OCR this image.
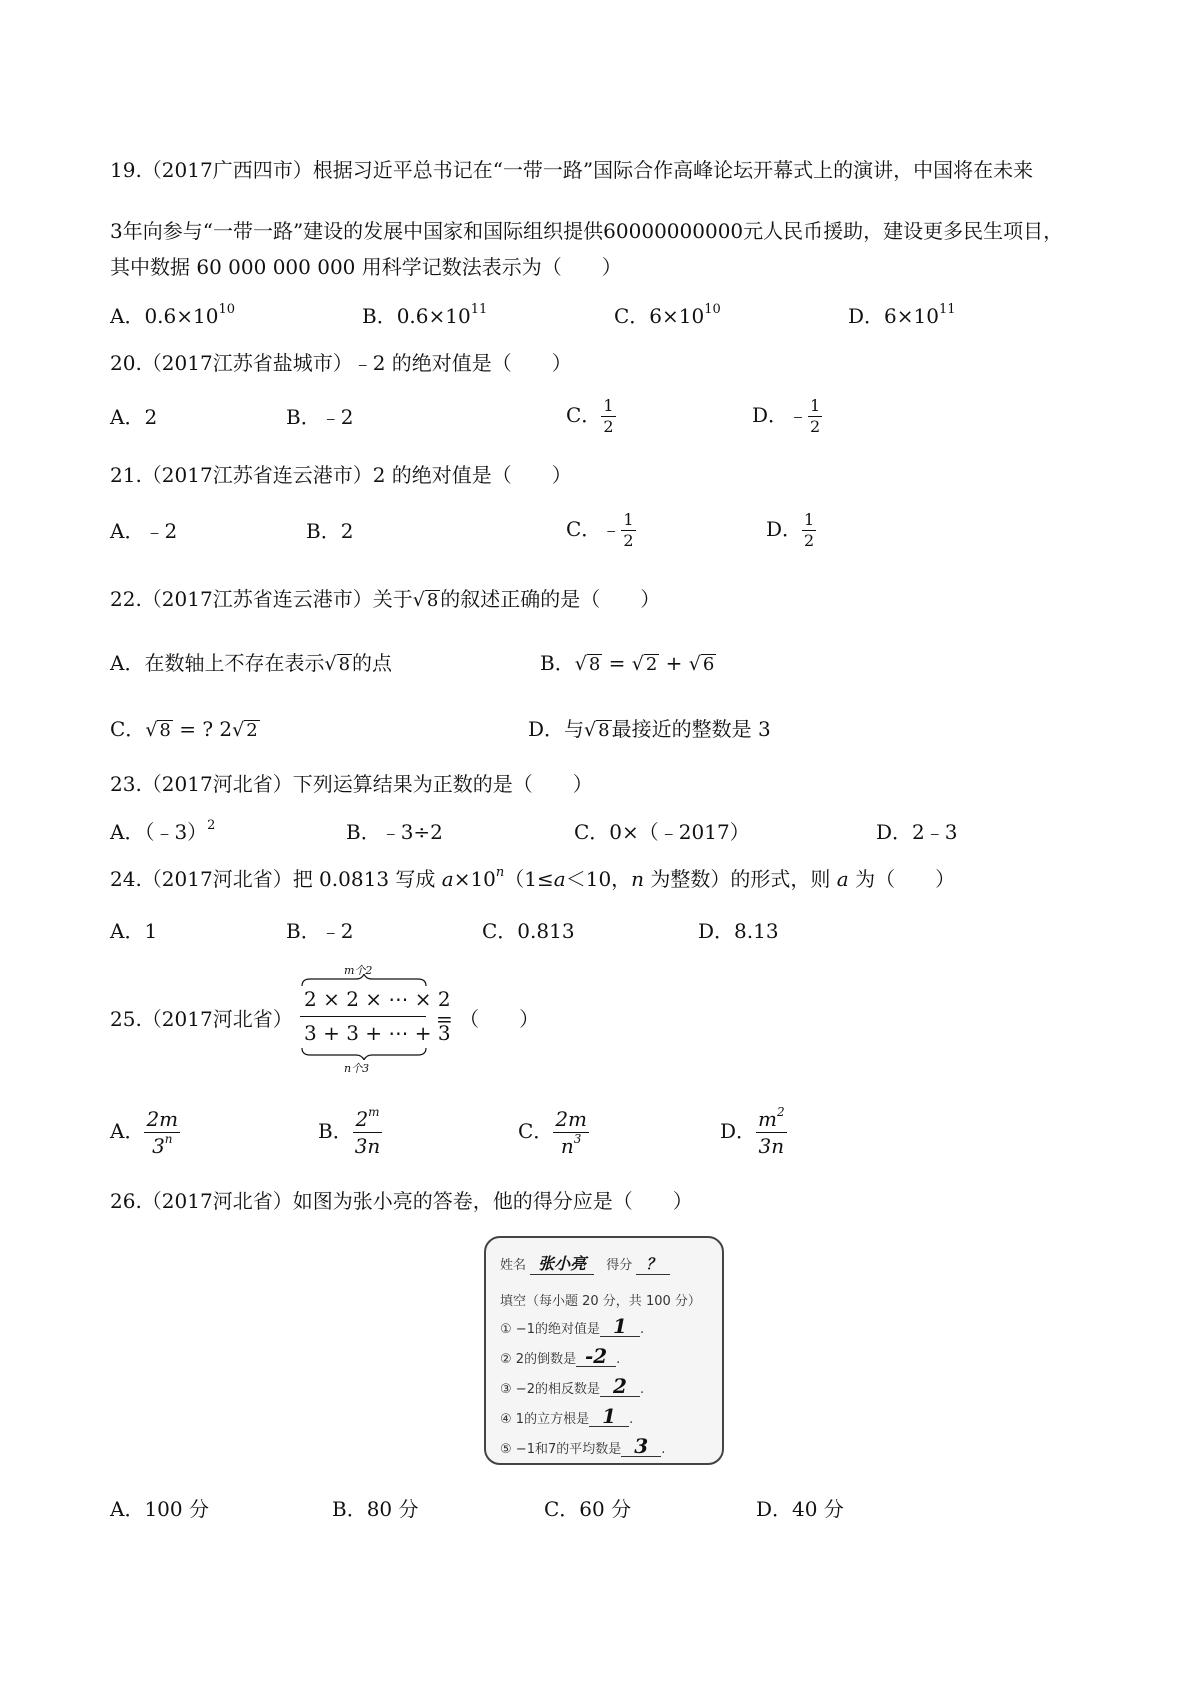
19.（2017广西四市）根据习近平总书记在“一带一路”国际合作高峰论坛开幕式上的演讲，中国将在未来
3年向参与“一带一路”建设的发展中国家和国际组织提供60000000000元人民币援助，建设更多民生项目，
其中数据 60 000 000 000 用科学记数法表示为（　　）
A．$0.6\times 10^{10}$	B．$0.6\times 10^{11}$	C．$6\times 10^{10}$	D．$6\times 10^{11}$
20.（2017江苏省盐城市）﹣2 的绝对值是（　　）
A．2	B．﹣2	C． $\frac{1}{2}$	D．﹣ $\frac{1}{2}$
21.（2017江苏省连云港市）2 的绝对值是（　　）
A．﹣2	B．2	C．﹣ $\frac{1}{2}$	D． $\frac{1}{2}$
22.（2017江苏省连云港市）关于√ 8 的叙述正确的是（　　）
A．在数轴上不存在表示√ 8 的点	B．√ 8 = √ 2 + √ 6
C．√ 8 = ? 2√ 2	D．与√ 8 最接近的整数是 3
23.（2017河北省）下列运算结果为正数的是（　　）
A．（﹣3）$^2$	B．﹣3÷2	C．0×（﹣2017）	D．2﹣3
24.（2017河北省）把 0.0813 写成 $a\times 10^n(1\le a<10$，n 为整数）的形式，则 a 为（　　）
A．1	B．﹣2	C．0.813	D．8.13
25.（2017河北省）
m个2
2 × 2 × ⋯ × 2
3 + 3 + ⋯ + 3
n个3
= （　　）
A． $\frac{2m}{3^n}$	B． $\frac{2^m}{3n}$	C． $\frac{2m}{n^3}$	D． $\frac{m^2}{3n}$
26.（2017河北省）如图为张小亮的答卷，他的得分应是（　　）
姓名 张小亮 得分 ？
填空（每小题 20 分，共 100 分）
① −1的绝对值是 1 .
② 2的倒数是 -2 .
③ −2的相反数是 2 .
④ 1的立方根是 1 .
⑤ −1和7的平均数是 3 .
A．100 分	B．80 分	C．60 分	D．40 分
